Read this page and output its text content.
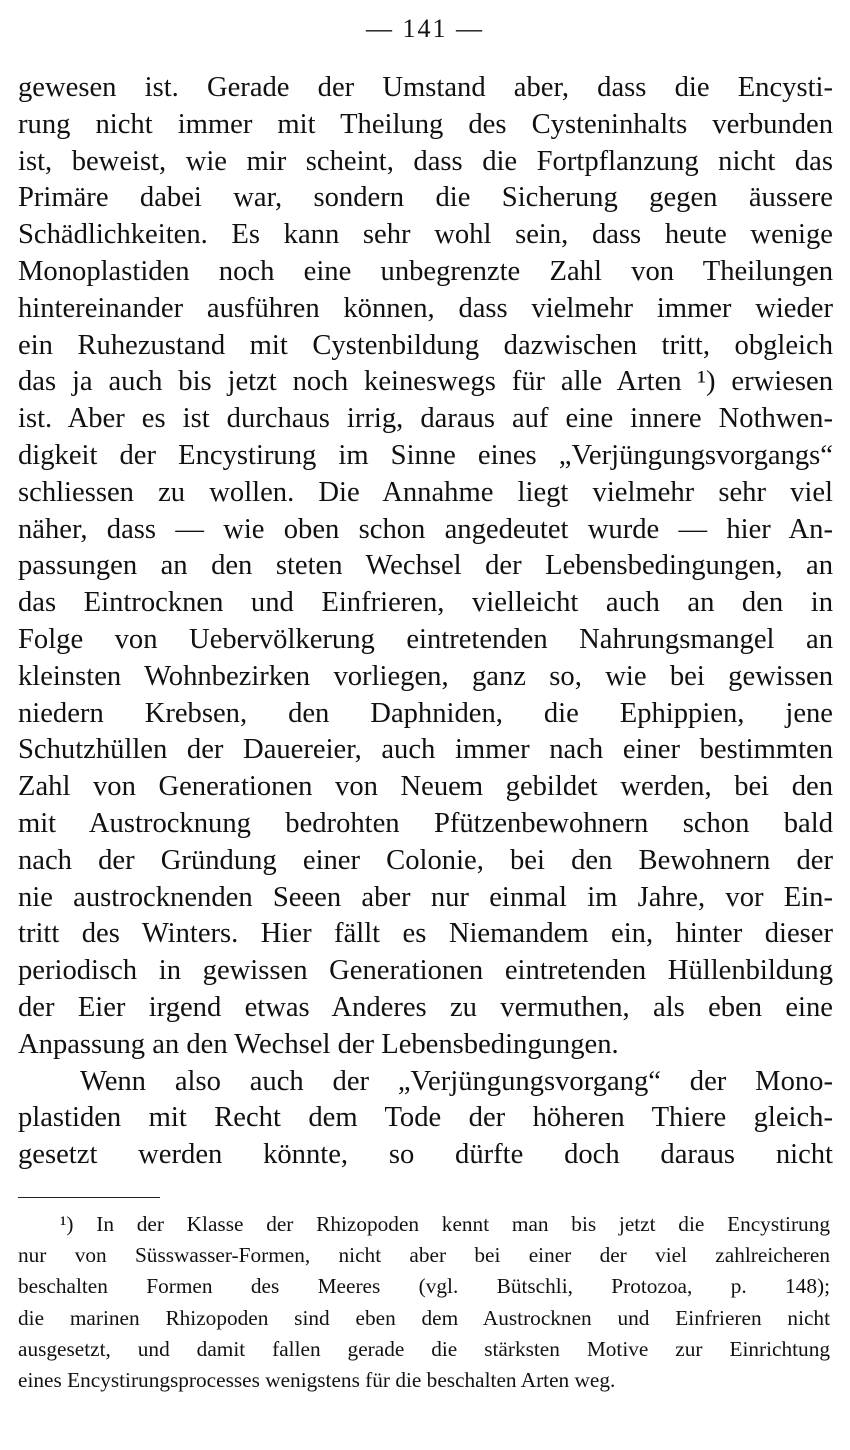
— 141 —
gewesen ist. Gerade der Umstand aber, dass die Encysti-
rung nicht immer mit Theilung des Cysteninhalts verbunden
ist, beweist, wie mir scheint, dass die Fortpflanzung nicht das
Primäre dabei war, sondern die Sicherung gegen äussere
Schädlichkeiten. Es kann sehr wohl sein, dass heute wenige
Monoplastiden noch eine unbegrenzte Zahl von Theilungen
hintereinander ausführen können, dass vielmehr immer wieder
ein Ruhezustand mit Cystenbildung dazwischen tritt, obgleich
das ja auch bis jetzt noch keineswegs für alle Arten ¹) erwiesen
ist. Aber es ist durchaus irrig, daraus auf eine innere Nothwen-
digkeit der Encystirung im Sinne eines „Verjüngungsvorgangs“
schliessen zu wollen. Die Annahme liegt vielmehr sehr viel
näher, dass — wie oben schon angedeutet wurde — hier An-
passungen an den steten Wechsel der Lebensbedingungen, an
das Eintrocknen und Einfrieren, vielleicht auch an den in
Folge von Uebervölkerung eintretenden Nahrungsmangel an
kleinsten Wohnbezirken vorliegen, ganz so, wie bei gewissen
niedern Krebsen, den Daphniden, die Ephippien, jene
Schutzhüllen der Dauereier, auch immer nach einer bestimmten
Zahl von Generationen von Neuem gebildet werden, bei den
mit Austrocknung bedrohten Pfützenbewohnern schon bald
nach der Gründung einer Colonie, bei den Bewohnern der
nie austrocknenden Seeen aber nur einmal im Jahre, vor Ein-
tritt des Winters. Hier fällt es Niemandem ein, hinter dieser
periodisch in gewissen Generationen eintretenden Hüllenbildung
der Eier irgend etwas Anderes zu vermuthen, als eben eine
Anpassung an den Wechsel der Lebensbedingungen.
Wenn also auch der „Verjüngungsvorgang“ der Mono-
plastiden mit Recht dem Tode der höheren Thiere gleich-
gesetzt werden könnte, so dürfte doch daraus nicht
¹) In der Klasse der Rhizopoden kennt man bis jetzt die Encystirung
nur von Süsswasser-Formen, nicht aber bei einer der viel zahlreicheren
beschalten Formen des Meeres (vgl. Bütschli, Protozoa, p. 148);
die marinen Rhizopoden sind eben dem Austrocknen und Einfrieren nicht
ausgesetzt, und damit fallen gerade die stärksten Motive zur Einrichtung
eines Encystirungsprocesses wenigstens für die beschalten Arten weg.
